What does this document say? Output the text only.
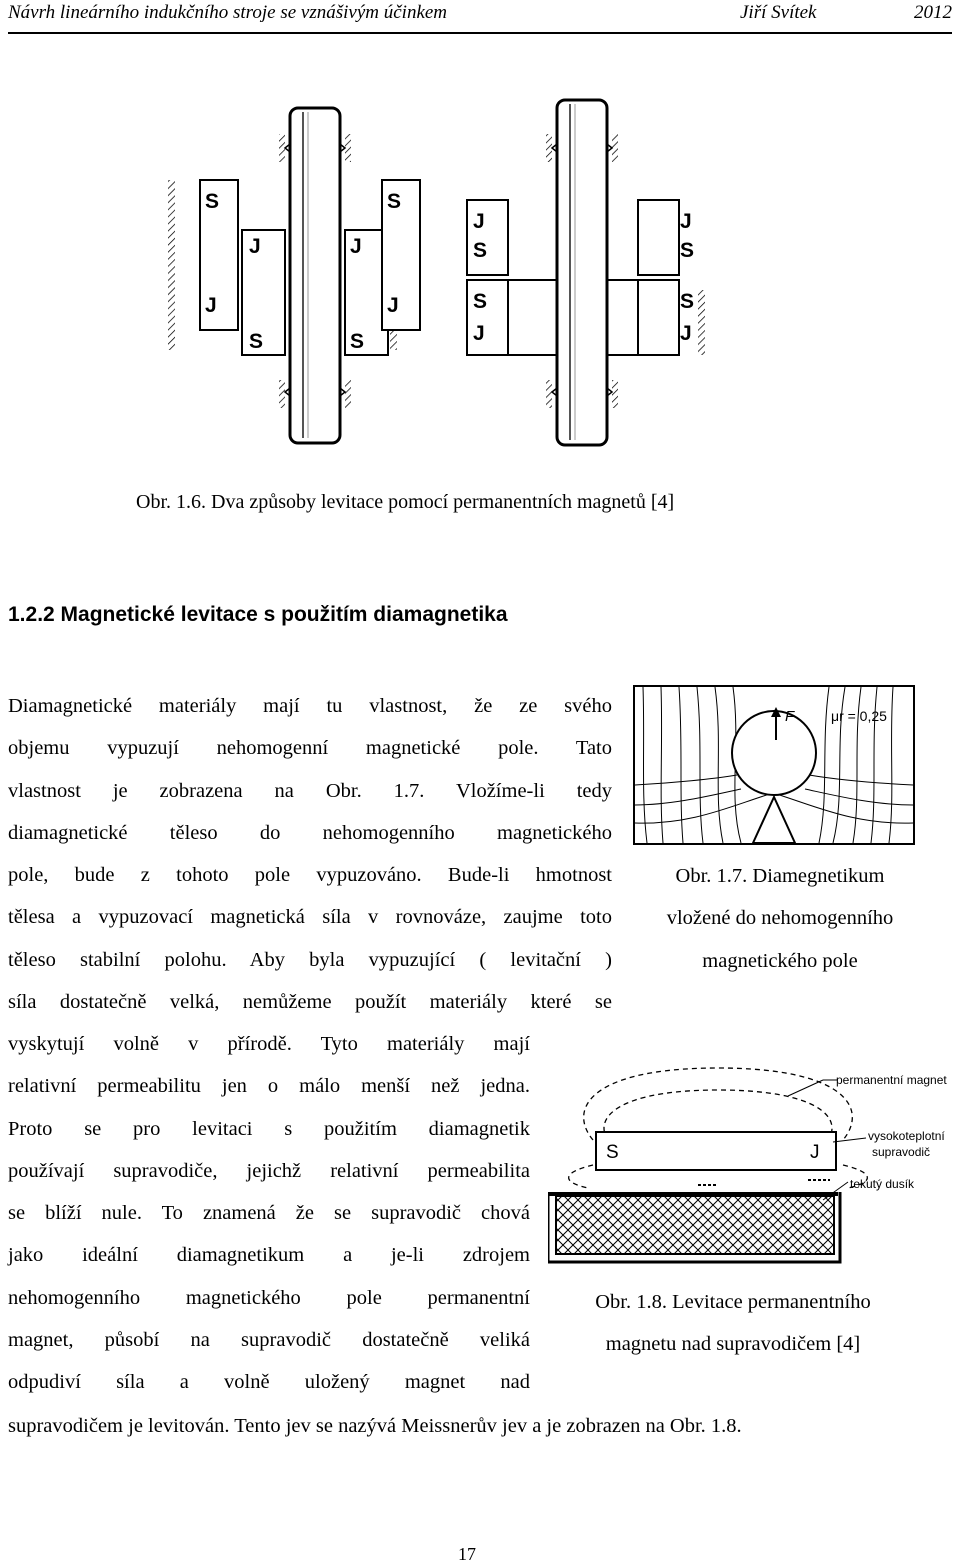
Návrh lineárního indukčního stroje se vznášivým účinkem	Jiří Svítek	2012
S	S
J	J
J	J
S	S
J	J
S	S
S	S
J	J
Obr. 1.6. Dva způsoby levitace pomocí permanentních magnetů [4]
1.2.2 Magnetické levitace s použitím diamagnetika
Diamagnetické materiály mají tu vlastnost, že ze svého
objemu vypuzují nehomogenní magnetické pole. Tato
vlastnost je zobrazena na Obr. 1.7. Vložíme-li tedy
diamagnetické těleso do nehomogenního magnetického
pole, bude z tohoto pole vypuzováno. Bude-li hmotnost
tělesa a vypuzovací magnetická síla v rovnováze, zaujme toto
těleso stabilní polohu. Aby byla vypuzující ( levitační )
síla dostatečně velká, nemůžeme použít materiály které se
vyskytují volně v přírodě. Tyto materiály mají
relativní permeabilitu jen o málo menší než jedna.
Proto se pro levitaci s použitím diamagnetik
používají supravodiče, jejichž relativní permeabilita
se blíží nule. To znamená že se supravodič chová
jako ideální diamagnetikum a je-li zdrojem
nehomogenního magnetického pole permanentní
magnet, působí na supravodič dostatečně veliká
odpudiví síla a volně uložený magnet nad
supravodičem je levitován. Tento jev se nazývá Meissnerův jev a je zobrazen na Obr. 1.8.
F	μr = 0,25
Obr. 1.7. Diamegnetikum
vložené do nehomogenního
magnetického pole
S	J
permanentní magnet
vysokoteplotní
supravodič
tekutý dusík
Obr. 1.8. Levitace permanentního
magnetu nad supravodičem [4]
17
